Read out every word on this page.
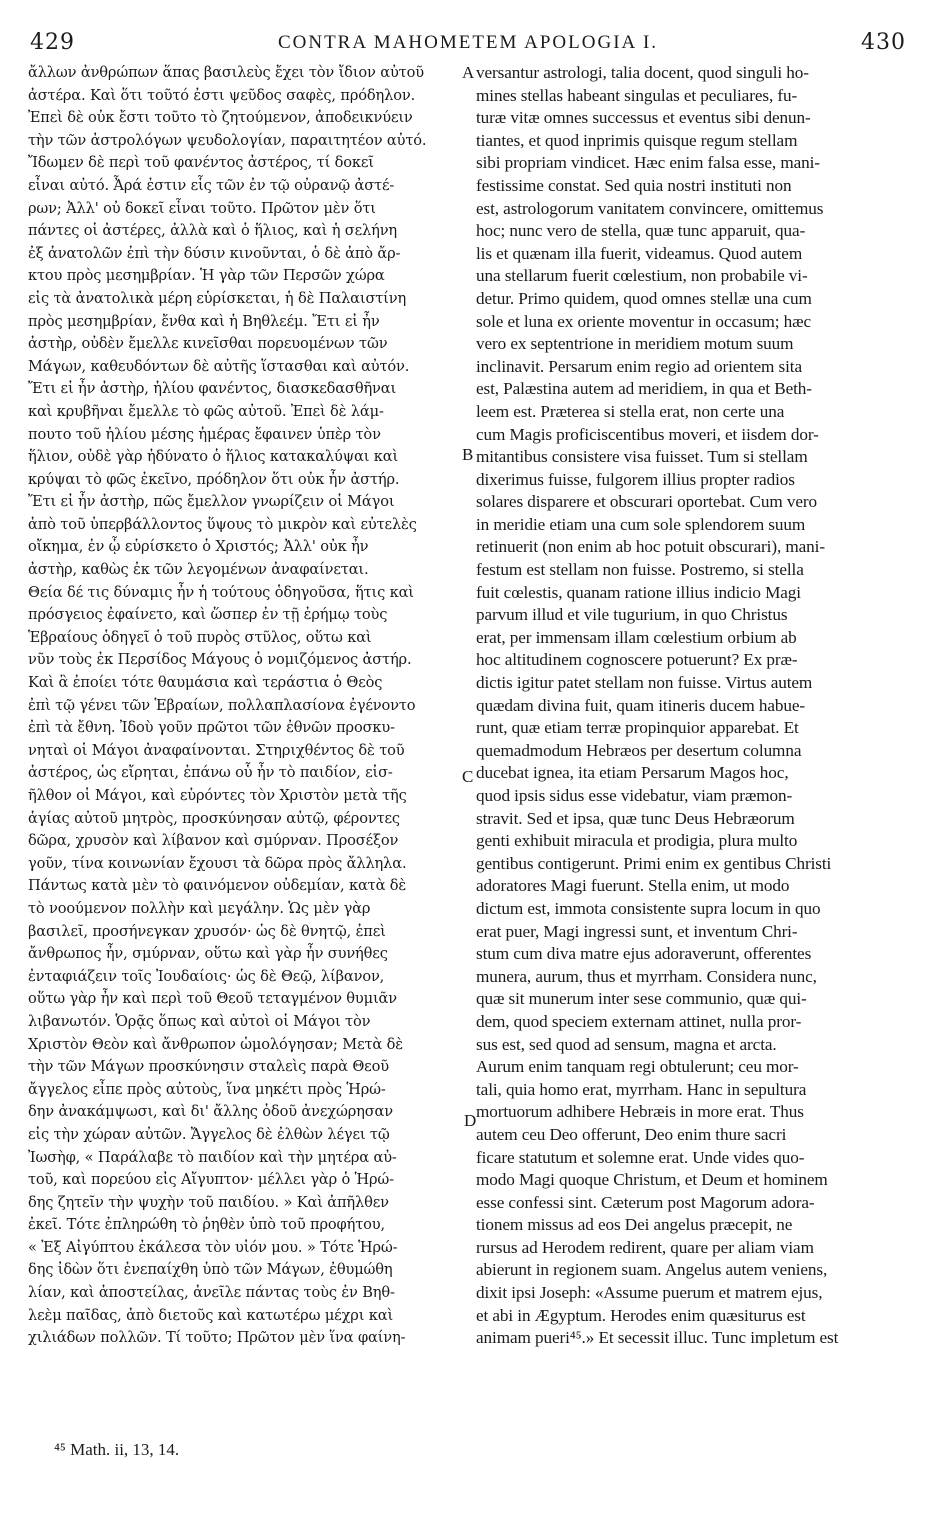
429	CONTRA MAHOMETEM APOLOGIA I.	430
ἄλλων ἀνθρώπων ἅπας βασιλεὺς ἔχει τὸν ἴδιον αὐτοῦ
ἀστέρα. Καὶ ὅτι τοῦτό ἐστι ψεῦδος σαφὲς, πρόδηλον.
Ἐπεὶ δὲ οὐκ ἔστι τοῦτο τὸ ζητούμενον, ἀποδεικνύειν
τὴν τῶν ἀστρολόγων ψευδολογίαν, παραιτητέον αὐτό.
Ἴδωμεν δὲ περὶ τοῦ φανέντος ἀστέρος, τί δοκεῖ
εἶναι αὐτό. Ἆρά ἐστιν εἷς τῶν ἐν τῷ οὐρανῷ ἀστέ-
ρων; Ἀλλ' οὐ δοκεῖ εἶναι τοῦτο. Πρῶτον μὲν ὅτι
πάντες οἱ ἀστέρες, ἀλλὰ καὶ ὁ ἥλιος, καὶ ἡ σελήνη
ἐξ ἀνατολῶν ἐπὶ τὴν δύσιν κινοῦνται, ὁ δὲ ἀπὸ ἄρ-
κτου πρὸς μεσημβρίαν. Ἡ γὰρ τῶν Περσῶν χώρα
εἰς τὰ ἀνατολικὰ μέρη εὑρίσκεται, ἡ δὲ Παλαιστίνη
πρὸς μεσημβρίαν, ἔνθα καὶ ἡ Βηθλεέμ. Ἔτι εἰ ἦν
ἀστὴρ, οὐδὲν ἔμελλε κινεῖσθαι πορευομένων τῶν
Μάγων, καθευδόντων δὲ αὐτῆς ἵστασθαι καὶ αὐτόν.
Ἔτι εἰ ἦν ἀστὴρ, ἡλίου φανέντος, διασκεδασθῆναι
καὶ κρυβῆναι ἔμελλε τὸ φῶς αὐτοῦ. Ἐπεὶ δὲ λάμ-
πουτο τοῦ ἡλίου μέσης ἡμέρας ἔφαινεν ὑπὲρ τὸν
ἥλιον, οὐδὲ γὰρ ἠδύνατο ὁ ἥλιος κατακαλύψαι καὶ
κρύψαι τὸ φῶς ἐκεῖνο, πρόδηλον ὅτι οὐκ ἦν ἀστήρ.
Ἔτι εἰ ἦν ἀστὴρ, πῶς ἔμελλον γνωρίζειν οἱ Μάγοι
ἀπὸ τοῦ ὑπερβάλλοντος ὕψους τὸ μικρὸν καὶ εὐτελὲς
οἴκημα, ἐν ᾧ εὑρίσκετο ὁ Χριστός; Ἀλλ' οὐκ ἦν
ἀστὴρ, καθὼς ἐκ τῶν λεγομένων ἀναφαίνεται.
Θεία δέ τις δύναμις ἦν ἡ τούτους ὁδηγοῦσα, ἥτις καὶ
πρόσγειος ἐφαίνετο, καὶ ὥσπερ ἐν τῇ ἐρήμῳ τοὺς
Ἑβραίους ὁδηγεῖ ὁ τοῦ πυρὸς στῦλος, οὕτω καὶ
νῦν τοὺς ἐκ Περσίδος Μάγους ὁ νομιζόμενος ἀστήρ.
Καὶ ἃ ἐποίει τότε θαυμάσια καὶ τεράστια ὁ Θεὸς
ἐπὶ τῷ γένει τῶν Ἑβραίων, πολλαπλασίονα ἐγένοντο
ἐπὶ τὰ ἔθνη. Ἰδοὺ γοῦν πρῶτοι τῶν ἐθνῶν προσκυ-
νηταὶ οἱ Μάγοι ἀναφαίνονται. Στηριχθέντος δὲ τοῦ
ἀστέρος, ὡς εἴρηται, ἐπάνω οὗ ἦν τὸ παιδίον, εἰσ-
ῆλθον οἱ Μάγοι, καὶ εὑρόντες τὸν Χριστὸν μετὰ τῆς
ἁγίας αὐτοῦ μητρὸς, προσκύνησαν αὐτῷ, φέροντες
δῶρα, χρυσὸν καὶ λίβανον καὶ σμύρναν. Προσέξον
γοῦν, τίνα κοινωνίαν ἔχουσι τὰ δῶρα πρὸς ἄλληλα.
Πάντως κατὰ μὲν τὸ φαινόμενον οὐδεμίαν, κατὰ δὲ
τὸ νοούμενον πολλὴν καὶ μεγάλην. Ὡς μὲν γὰρ
βασιλεῖ, προσήνεγκαν χρυσόν· ὡς δὲ θνητῷ, ἐπεὶ
ἄνθρωπος ἦν, σμύρναν, οὕτω καὶ γὰρ ἦν συνήθες
ἐνταφιάζειν τοῖς Ἰουδαίοις· ὡς δὲ Θεῷ, λίβανον,
οὕτω γὰρ ἦν καὶ περὶ τοῦ Θεοῦ τεταγμένον θυμιᾶν
λιβανωτόν. Ὁρᾷς ὅπως καὶ αὐτοὶ οἱ Μάγοι τὸν
Χριστὸν Θεὸν καὶ ἄνθρωπον ὡμολόγησαν; Μετὰ δὲ
τὴν τῶν Μάγων προσκύνησιν σταλεὶς παρὰ Θεοῦ
ἄγγελος εἶπε πρὸς αὐτοὺς, ἵνα μηκέτι πρὸς Ἡρώ-
δην ἀνακάμψωσι, καὶ δι' ἄλλης ὁδοῦ ἀνεχώρησαν
εἰς τὴν χώραν αὐτῶν. Ἄγγελος δὲ ἐλθὼν λέγει τῷ
Ἰωσὴφ, « Παράλαβε τὸ παιδίον καὶ τὴν μητέρα αὐ-
τοῦ, καὶ πορεύου εἰς Αἴγυπτον· μέλλει γὰρ ὁ Ἡρώ-
δης ζητεῖν τὴν ψυχὴν τοῦ παιδίου. » Καὶ ἀπῆλθεν
ἐκεῖ. Τότε ἐπληρώθη τὸ ῥηθὲν ὑπὸ τοῦ προφήτου,
« Ἐξ Αἰγύπτου ἐκάλεσα τὸν υἱόν μου. » Τότε Ἡρώ-
δης ἰδὼν ὅτι ἐνεπαίχθη ὑπὸ τῶν Μάγων, ἐθυμώθη
λίαν, καὶ ἀποστείλας, ἀνεῖλε πάντας τοὺς ἐν Βηθ-
λεὲμ παῖδας, ἀπὸ διετοῦς καὶ κατωτέρω μέχρι καὶ
χιλιάδων πολλῶν. Τί τοῦτο; Πρῶτον μὲν ἵνα φαίνη-
versantur astrologi, talia docent, quod singuli ho-
mines stellas habeant singulas et peculiares, fu-
turæ vitæ omnes successus et eventus sibi denun-
tiantes, et quod inprimis quisque regum stellam
sibi propriam vindicet. Hæc enim falsa esse, mani-
festissime constat. Sed quia nostri instituti non
est, astrologorum vanitatem convincere, omittemus
hoc; nunc vero de stella, quæ tunc apparuit, qua-
lis et quænam illa fuerit, videamus. Quod autem
una stellarum fuerit cœlestium, non probabile vi-
detur. Primo quidem, quod omnes stellæ una cum
sole et luna ex oriente moventur in occasum; hæc
vero ex septentrione in meridiem motum suum
inclinavit. Persarum enim regio ad orientem sita
est, Palæstina autem ad meridiem, in qua et Beth-
leem est. Præterea si stella erat, non certe una
cum Magis proficiscentibus moveri, et iisdem dor-
mitantibus consistere visa fuisset. Tum si stellam
dixerimus fuisse, fulgorem illius propter radios
solares disparere et obscurari oportebat. Cum vero
in meridie etiam una cum sole splendorem suum
retinuerit (non enim ab hoc potuit obscurari), mani-
festum est stellam non fuisse. Postremo, si stella
fuit cœlestis, quanam ratione illius indicio Magi
parvum illud et vile tugurium, in quo Christus
erat, per immensam illam cœlestium orbium ab
hoc altitudinem cognoscere potuerunt? Ex præ-
dictis igitur patet stellam non fuisse. Virtus autem
quædam divina fuit, quam itineris ducem habue-
runt, quæ etiam terræ propinquior apparebat. Et
quemadmodum Hebræos per desertum columna
ducebat ignea, ita etiam Persarum Magos hoc,
quod ipsis sidus esse videbatur, viam præmon-
stravit. Sed et ipsa, quæ tunc Deus Hebræorum
genti exhibuit miracula et prodigia, plura multo
gentibus contigerunt. Primi enim ex gentibus Christi
adoratores Magi fuerunt. Stella enim, ut modo
dictum est, immota consistente supra locum in quo
erat puer, Magi ingressi sunt, et inventum Chri-
stum cum diva matre ejus adoraverunt, offerentes
munera, aurum, thus et myrrham. Considera nunc,
quæ sit munerum inter sese communio, quæ qui-
dem, quod speciem externam attinet, nulla pror-
sus est, sed quod ad sensum, magna et arcta.
Aurum enim tanquam regi obtulerunt; ceu mor-
tali, quia homo erat, myrrham. Hanc in sepultura
mortuorum adhibere Hebræis in more erat. Thus
autem ceu Deo offerunt, Deo enim thure sacri
ficare statutum et solemne erat. Unde vides quo-
modo Magi quoque Christum, et Deum et hominem
esse confessi sint. Cæterum post Magorum adora-
tionem missus ad eos Dei angelus præcepit, ne
rursus ad Herodem redirent, quare per aliam viam
abierunt in regionem suam. Angelus autem veniens,
dixit ipsi Joseph: «Assume puerum et matrem ejus,
et abi in Ægyptum. Herodes enim quæsiturus est
animam pueri⁴⁵.» Et secessit illuc. Tunc impletum est
A
B
C
D
⁴⁵ Math. ii, 13, 14.
